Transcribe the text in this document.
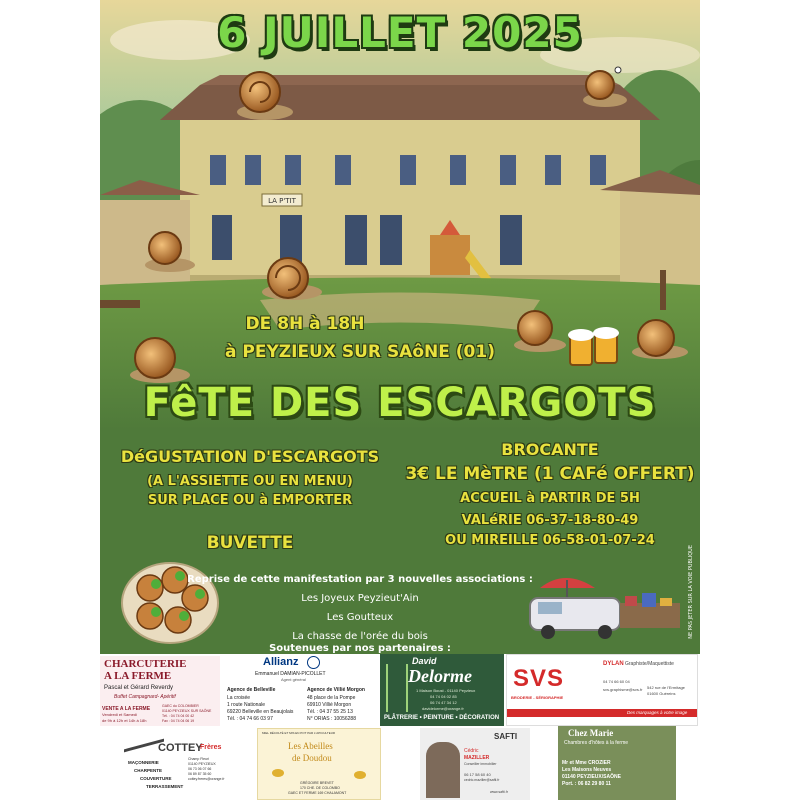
LA P'TIT
6 JUILLET 2025
DE 8H à 18H
à PEYZIEUX SUR SAôNE (01)
FêTE DES ESCARGOTS
DéGUSTATION D'ESCARGOTS
(A L'ASSIETTE OU EN MENU)
SUR PLACE OU à EMPORTER
BUVETTE
BROCANTE
3€ LE MèTRE (1 CAFé OFFERT)
ACCUEIL à PARTIR DE 5H
VALéRIE 06-37-18-80-49
OU MIREILLE 06-58-01-07-24
Reprise de cette manifestation par 3 nouvelles associations :
Les Joyeux Peyzieut'Ain
Les Goutteux
La chasse de l'orée du bois
Soutenues par nos partenaires :
NE PAS JETER SUR LA VOIE PUBLIQUE
CHARCUTERIE
A LA FERME
Pascal et Gérard Reverdy
Buffet Campagnard- Apéritif
VENTE A LA FERME
Vendredi et Samedi
de 9h à 12h et 14h à 18h
GAEC du COLOMBIER
01140 PEYZIEUX SUR SAÔNE
Tél. : 04 74 04 00 42
Fax : 04 74 04 06 19
Allianz
Emmanuel DAMIAN-PICOLLET
Agent général
Agence de Belleville
La croisée
1 route Nationale
69220 Belleville en Beaujolais
Tél. : 04 74 66 03 97
Agence de Villié Morgon
48 place de la Pompe
69910 Villié Morgon
Tél. : 04 37 55 25 13
N° ORIAS : 10056288
David
Delorme
1 Maison Boust - 01140 Peyzieux
04 74 04 02 85
06 74 47 34 12
davidelorme@orange.fr
PLÂTRERIE • PEINTURE • DÉCORATION
SVS
BRODERIE - SÉRIGRAPHIE
DYLAN Graphiste/Maquettiste
04 74 66 60 04
svs.graphisme@svs.fr 542 rue de l'Ermitage
01600 Guéreins
Des marquages à votre image
COTTEY
Frères
Champ Fleuri
01140 PEYZIEUX
06 73 06 07 66
06 89 87 35 60
cottey.freres@orange.fr
MAÇONNERIE
CHARPENTE
COUVERTURE
TERRASSEMENT
MIEL RÉCOLTÉ ET MIS EN POT PAR L'APICULTEUR
Les Abeilles
de Doudou
GRÉGOIRE BREVET
170 CHE. DE COLOMBO
GAEC ET FERME 169 CHALAMONT
SAFTI
Cédric
MAZILLER
Conseiller immobilier
06 17 58 60 40
cedric.maziller@safti.fr
www.safti.fr
Chez Marie
Chambres d'hôtes à la ferme
Mr et Mme CROZIER
Les Maisons Neuves
01140 PEYZIEUX/SAÔNE
Port. : 06 82 29 80 11
